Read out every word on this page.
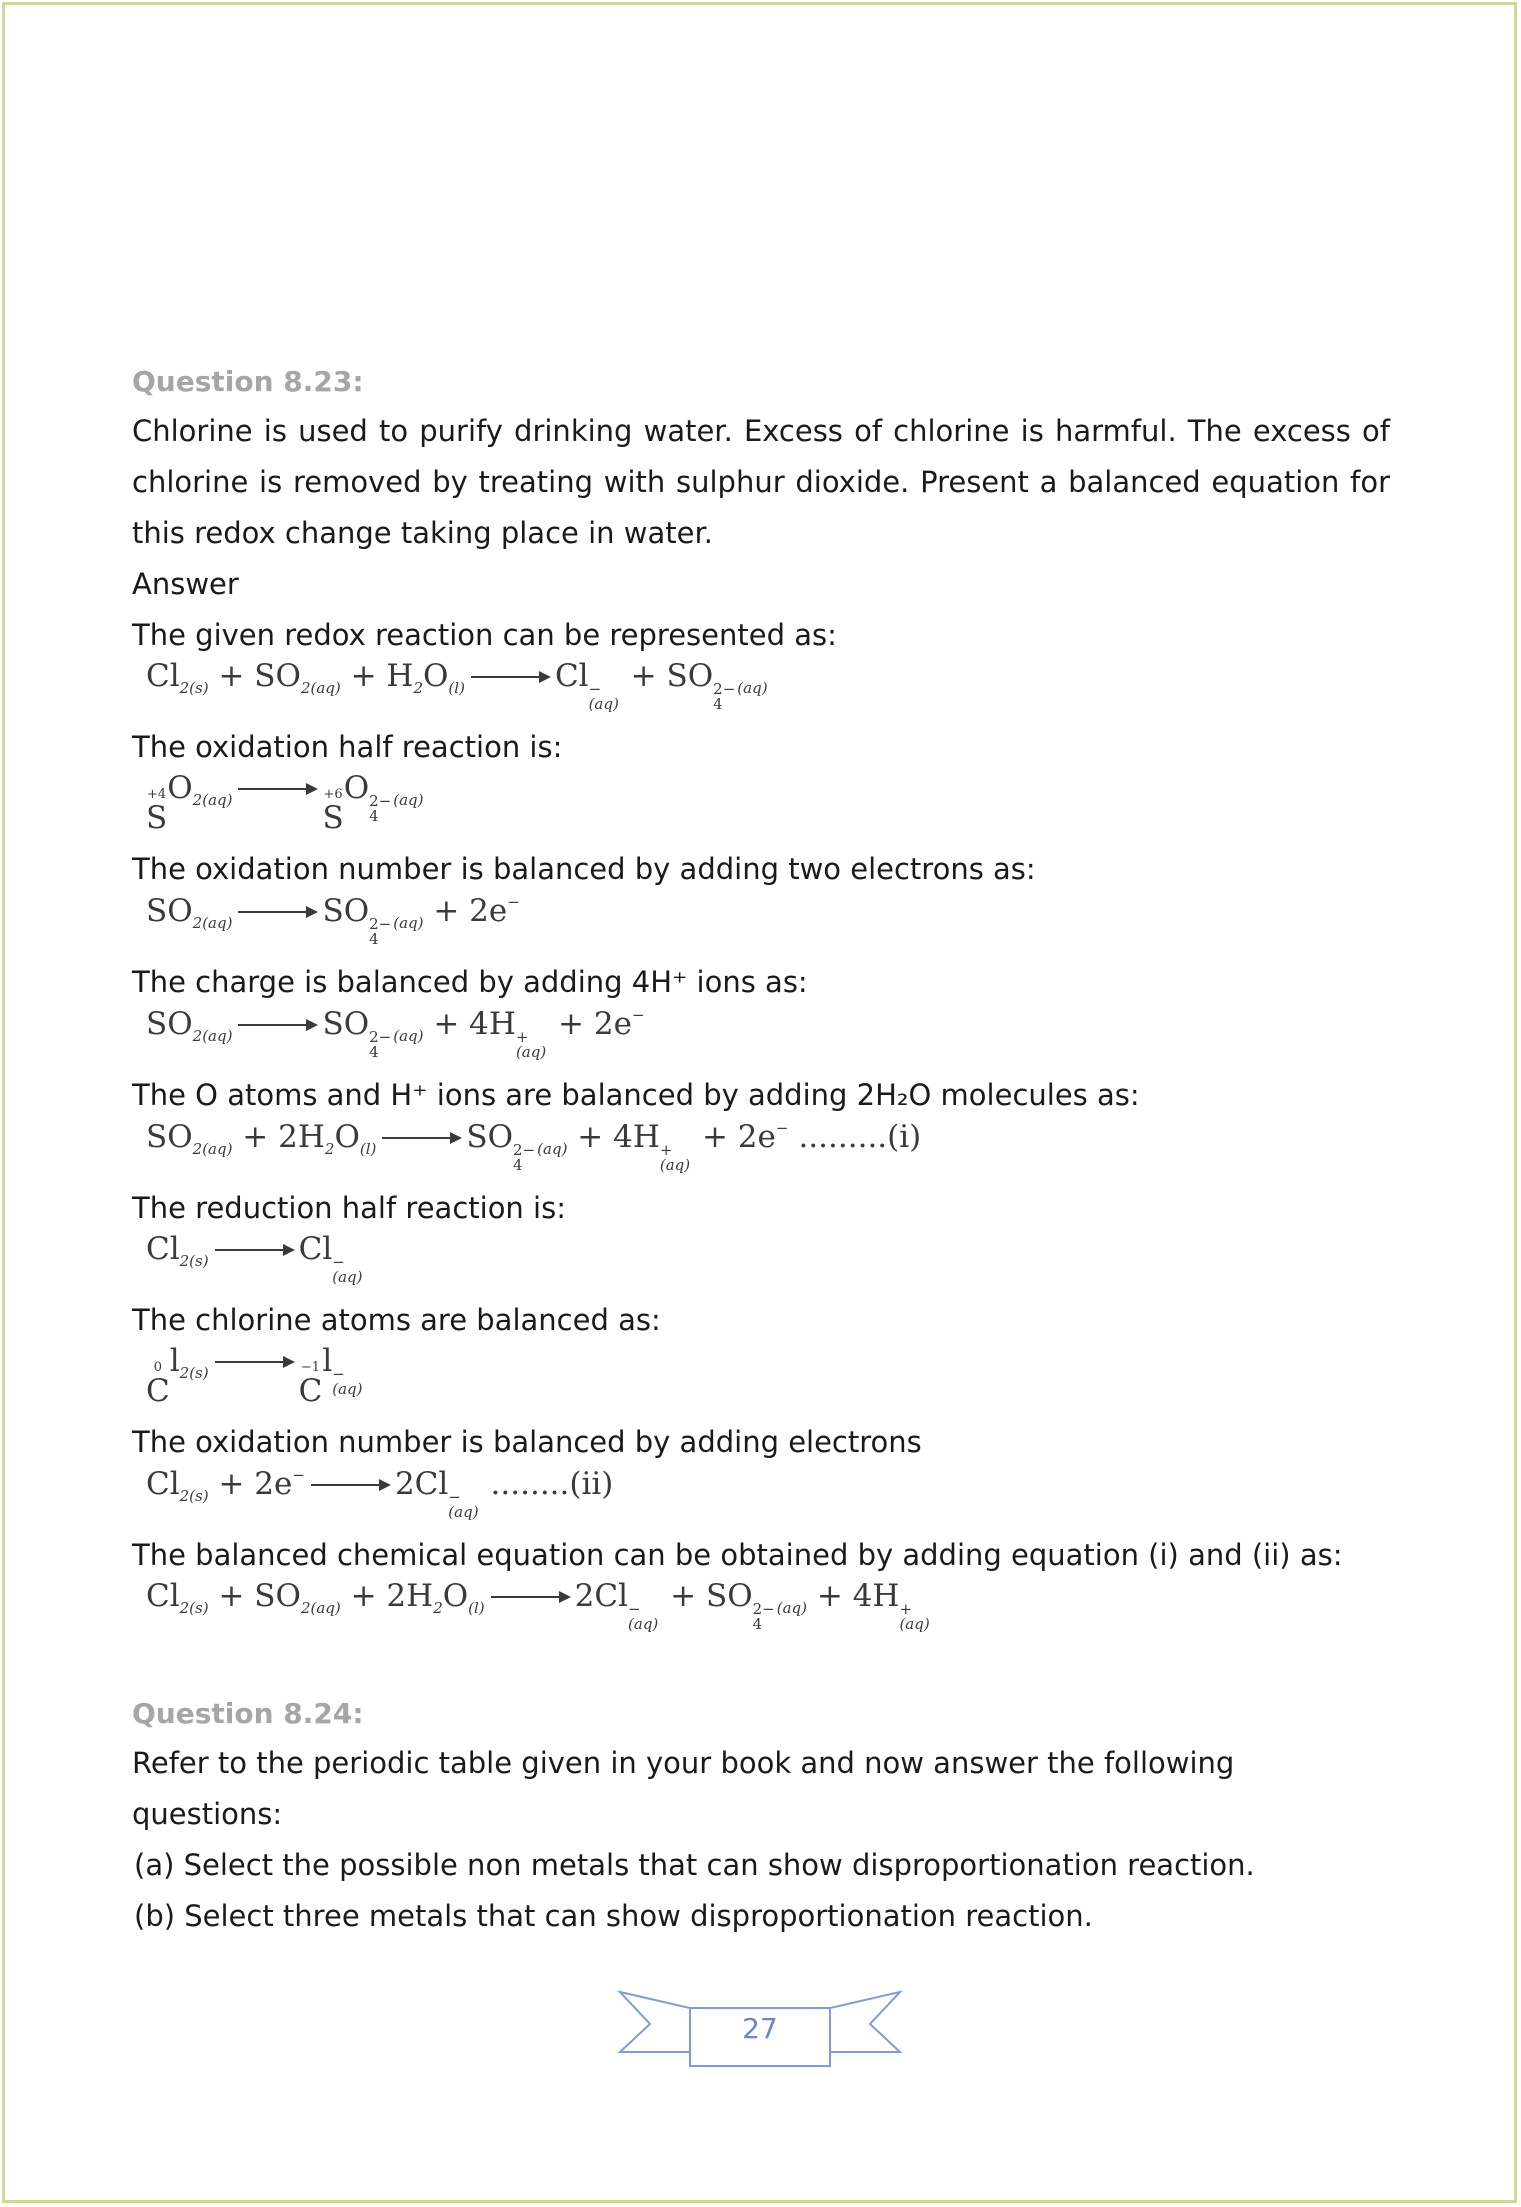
Question 8.23:

Chlorine is used to purify drinking water. Excess of chlorine is harmful. The excess of chlorine is removed by treating with sulphur dioxide. Present a balanced equation for this redox change taking place in water.

Answer

The given redox reaction can be represented as:

$Cl_{2(s)} + SO_{2(aq)} + H_2O_{(l)}$	Cl −
(aq)
+ SO 2−
4
$_{(aq)}$

The oxidation half reaction is:

+4
S
$O_{2(aq)}$	+6
S
O 2−
4
$_{(aq)}$

The oxidation number is balanced by adding two electrons as:

$SO_{2(aq)}$	SO 2−
4
$_{(aq)}$ + 2e−

The charge is balanced by adding 4H⁺ ions as:

$SO_{2(aq)}$	SO 2−
4
$_{(aq)}$ + 4H +
(aq)
+ 2e−

The O atoms and H⁺ ions are balanced by adding 2H₂O molecules as:

$SO_{2(aq)} + 2H_2O_{(l)}$	SO 2−
4
$_{(aq)}$ + 4H +
(aq)
+ 2e− .........(i)

The reduction half reaction is:

$Cl_{2(s)}$	Cl −
(aq)

The chlorine atoms are balanced as:

0
C
$l_{2(s)}$	−1
C
l −
(aq)

The oxidation number is balanced by adding electrons

$Cl_{2(s)} + 2e^-$	2Cl −
(aq)
........(ii)

The balanced chemical equation can be obtained by adding equation (i) and (ii) as:

$Cl_{2(s)} + SO_{2(aq)} + 2H_2O_{(l)}$	2Cl −
(aq)
+ SO 2−
4
$_{(aq)}$ + 4H +
(aq)

Question 8.24:

Refer to the periodic table given in your book and now answer the following questions:

(a) Select the possible non metals that can show disproportionation reaction.

(b) Select three metals that can show disproportionation reaction.

27
